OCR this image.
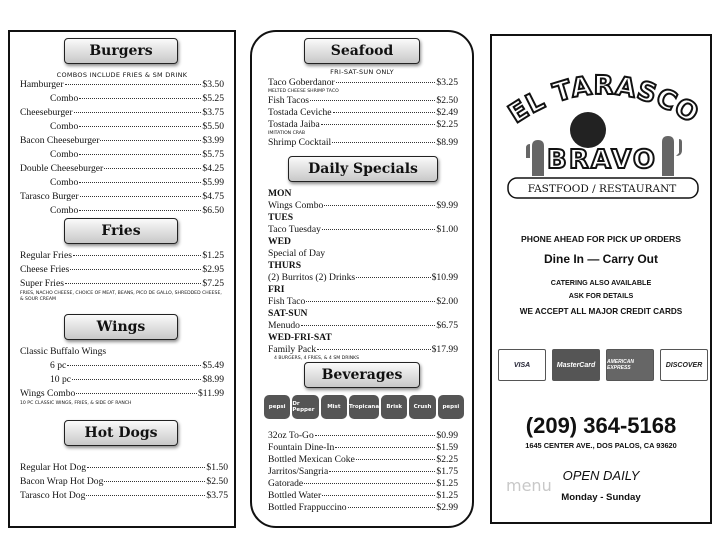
Burgers
COMBOS INCLUDE FRIES & SM DRINK
Hamburger	$3.50
Combo	$5.25
Cheeseburger	$3.75
Combo	$5.50
Bacon Cheeseburger	$3.99
Combo	$5.75
Double Cheeseburger	$4.25
Combo	$5.99
Tarasco Burger	$4.75
Combo	$6.50
Fries
Regular Fries	$1.25
Cheese Fries	$2.95
Super Fries	$7.25
FRIES, NACHO CHEESE, CHOICE OF MEAT, BEANS, PICO DE GALLO, SHREDDED CHEESE, & SOUR CREAM
Wings
Classic Buffalo Wings
6 pc	$5.49
10 pc	$8.99
Wings Combo	$11.99
10 PC CLASSIC WINGS, FRIES, & SIDE OF RANCH
Hot Dogs
Regular Hot Dog	$1.50
Bacon Wrap Hot Dog	$2.50
Tarasco Hot Dog	$3.75
Seafood
FRI-SAT-SUN ONLY
Taco Goberdanor	$3.25
MELTED CHEESE SHRIMP TACO
Fish Tacos	$2.50
Tostada Ceviche	$2.49
Tostada Jaiba	$2.25
IMITATION CRAB
Shrimp Cocktail	$8.99
Daily Specials
MON
Wings Combo	$9.99
TUES
Taco Tuesday	$1.00
WED
Special of Day
THURS
(2) Burritos (2) Drinks	$10.99
FRI
Fish Taco	$2.00
SAT-SUN
Menudo	$6.75
WED-FRI-SAT
Family Pack	$17.99
4 BURGERS, 4 FRIES, & 4 SM DRINKS
Beverages
pepsi	Dr Pepper	Mist	Tropicana	Brisk	Crush	pepsi
32oz To-Go	$0.99
Fountain Dine-In	$1.59
Bottled Mexican Coke	$2.25
Jarritos/Sangria	$1.75
Gatorade	$1.25
Bottled Water	$1.25
Bottled Frappuccino	$2.99
EL TARASCO
BRAVO
FASTFOOD / RESTAURANT
PHONE AHEAD FOR PICK UP ORDERS
Dine In — Carry Out
CATERING ALSO AVAILABLE
ASK FOR DETAILS
WE ACCEPT ALL MAJOR CREDIT CARDS
VISA	MasterCard	AMERICAN EXPRESS	DISCOVER
(209) 364-5168
1645 CENTER AVE., DOS PALOS, CA 93620
OPEN DAILY
Monday - Sunday
menu
